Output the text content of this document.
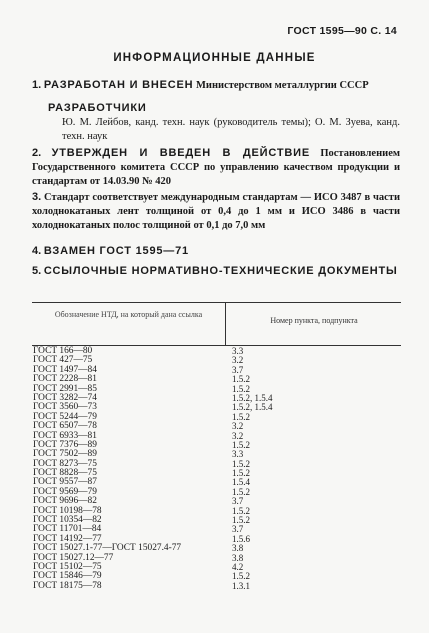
ГОСТ 1595—90 С. 14
ИНФОРМАЦИОННЫЕ ДАННЫЕ
1. РАЗРАБОТАН И ВНЕСЕН Министерством металлургии СССР
РАЗРАБОТЧИКИ
Ю. М. Лейбов, канд. техн. наук (руководитель темы); О. М. Зуева, канд. техн. наук
2. УТВЕРЖДЕН И ВВЕДЕН В ДЕЙСТВИЕ Постановлением Государственного комитета СССР по управлению качеством продукции и стандартам от 14.03.90 № 420
3. Стандарт соответствует международным стандартам — ИСО 3487 в части холоднокатаных лент толщиной от 0,4 до 1 мм и ИСО 3486 в части холоднокатаных полос толщиной от 0,1 до 7,0 мм
4. ВЗАМЕН ГОСТ 1595—71
5. ССЫЛОЧНЫЕ НОРМАТИВНО-ТЕХНИЧЕСКИЕ ДОКУМЕНТЫ
Обозначение НТД, на который дана ссылка
Номер пункта, подпункта
ГОСТ 166—80	3.3
ГОСТ 427—75	3.2
ГОСТ 1497—84	3.7
ГОСТ 2228—81	1.5.2
ГОСТ 2991—85	1.5.2
ГОСТ 3282—74	1.5.2, 1.5.4
ГОСТ 3560—73	1.5.2, 1.5.4
ГОСТ 5244—79	1.5.2
ГОСТ 6507—78	3.2
ГОСТ 6933—81	3.2
ГОСТ 7376—89	1.5.2
ГОСТ 7502—89	3.3
ГОСТ 8273—75	1.5.2
ГОСТ 8828—75	1.5.2
ГОСТ 9557—87	1.5.4
ГОСТ 9569—79	1.5.2
ГОСТ 9696—82	3.7
ГОСТ 10198—78	1.5.2
ГОСТ 10354—82	1.5.2
ГОСТ 11701—84	3.7
ГОСТ 14192—77	1.5.6
ГОСТ 15027.1-77—ГОСТ 15027.4-77	3.8
ГОСТ 15027.12—77	3.8
ГОСТ 15102—75	4.2
ГОСТ 15846—79	1.5.2
ГОСТ 18175—78	1.3.1
